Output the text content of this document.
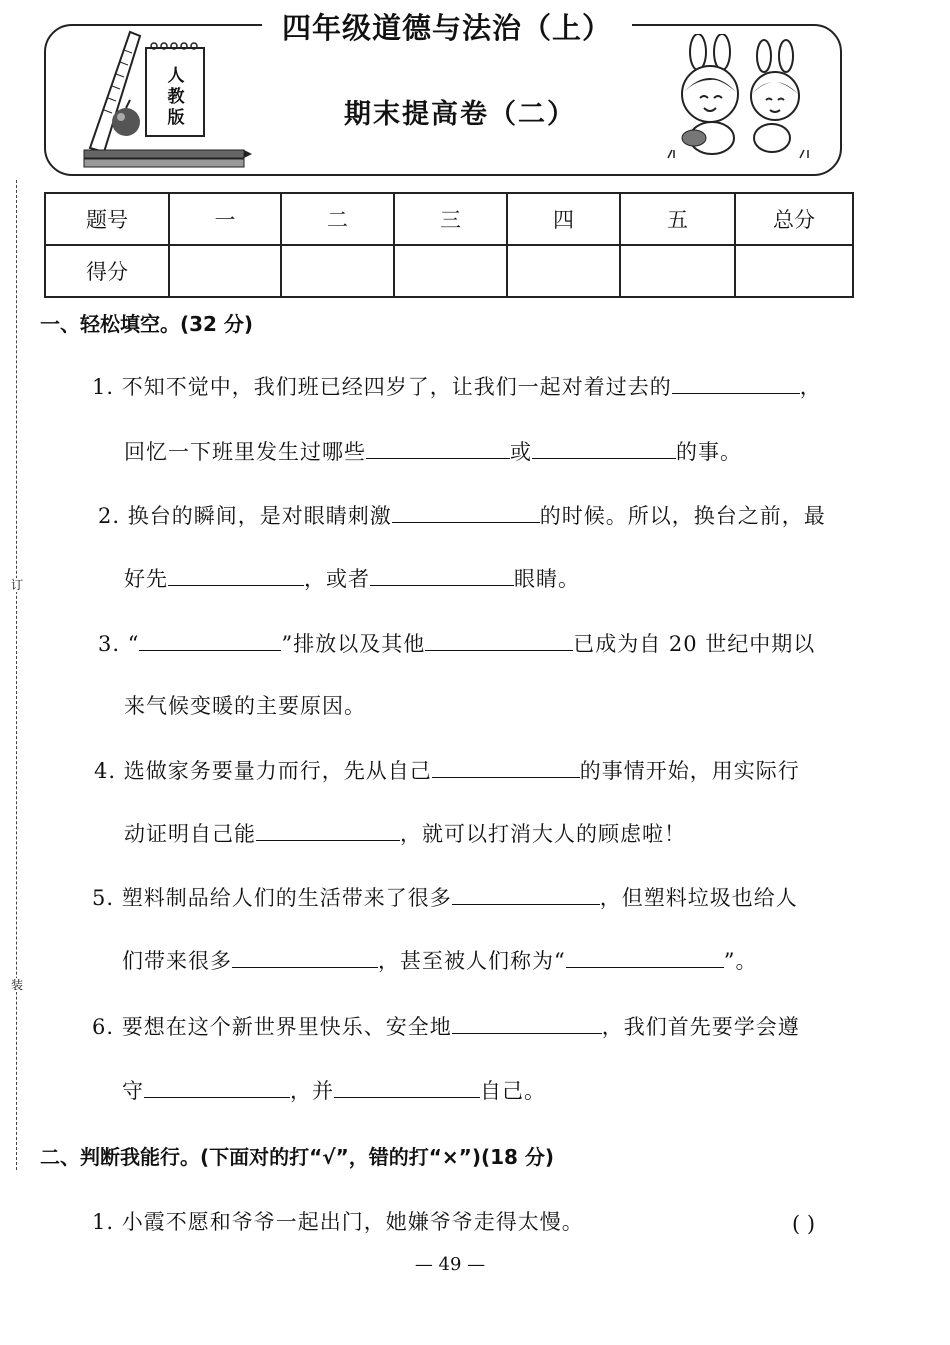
订
装
四年级道德与法治（上）
期末提高卷（二）
人
教
版
题号	一	二	三	四	五	总分
得分						
一、轻松填空。(32 分)
1. 不知不觉中，我们班已经四岁了，让我们一起对着过去的	，
回忆一下班里发生过哪些	或	的事。
2. 换台的瞬间，是对眼睛刺激	的时候。所以，换台之前，最
好先	，或者	眼睛。
3. “	”排放以及其他	已成为自 20 世纪中期以
来气候变暖的主要原因。
4. 选做家务要量力而行，先从自己	的事情开始，用实际行
动证明自己能	，就可以打消大人的顾虑啦！
5. 塑料制品给人们的生活带来了很多	，但塑料垃圾也给人
们带来很多	，甚至被人们称为“	”。
6. 要想在这个新世界里快乐、安全地	，我们首先要学会遵
守	，并	自己。
二、判断我能行。(下面对的打“√”，错的打“×”)(18 分)
1. 小霞不愿和爷爷一起出门，她嫌爷爷走得太慢。	( )
— 49 —
